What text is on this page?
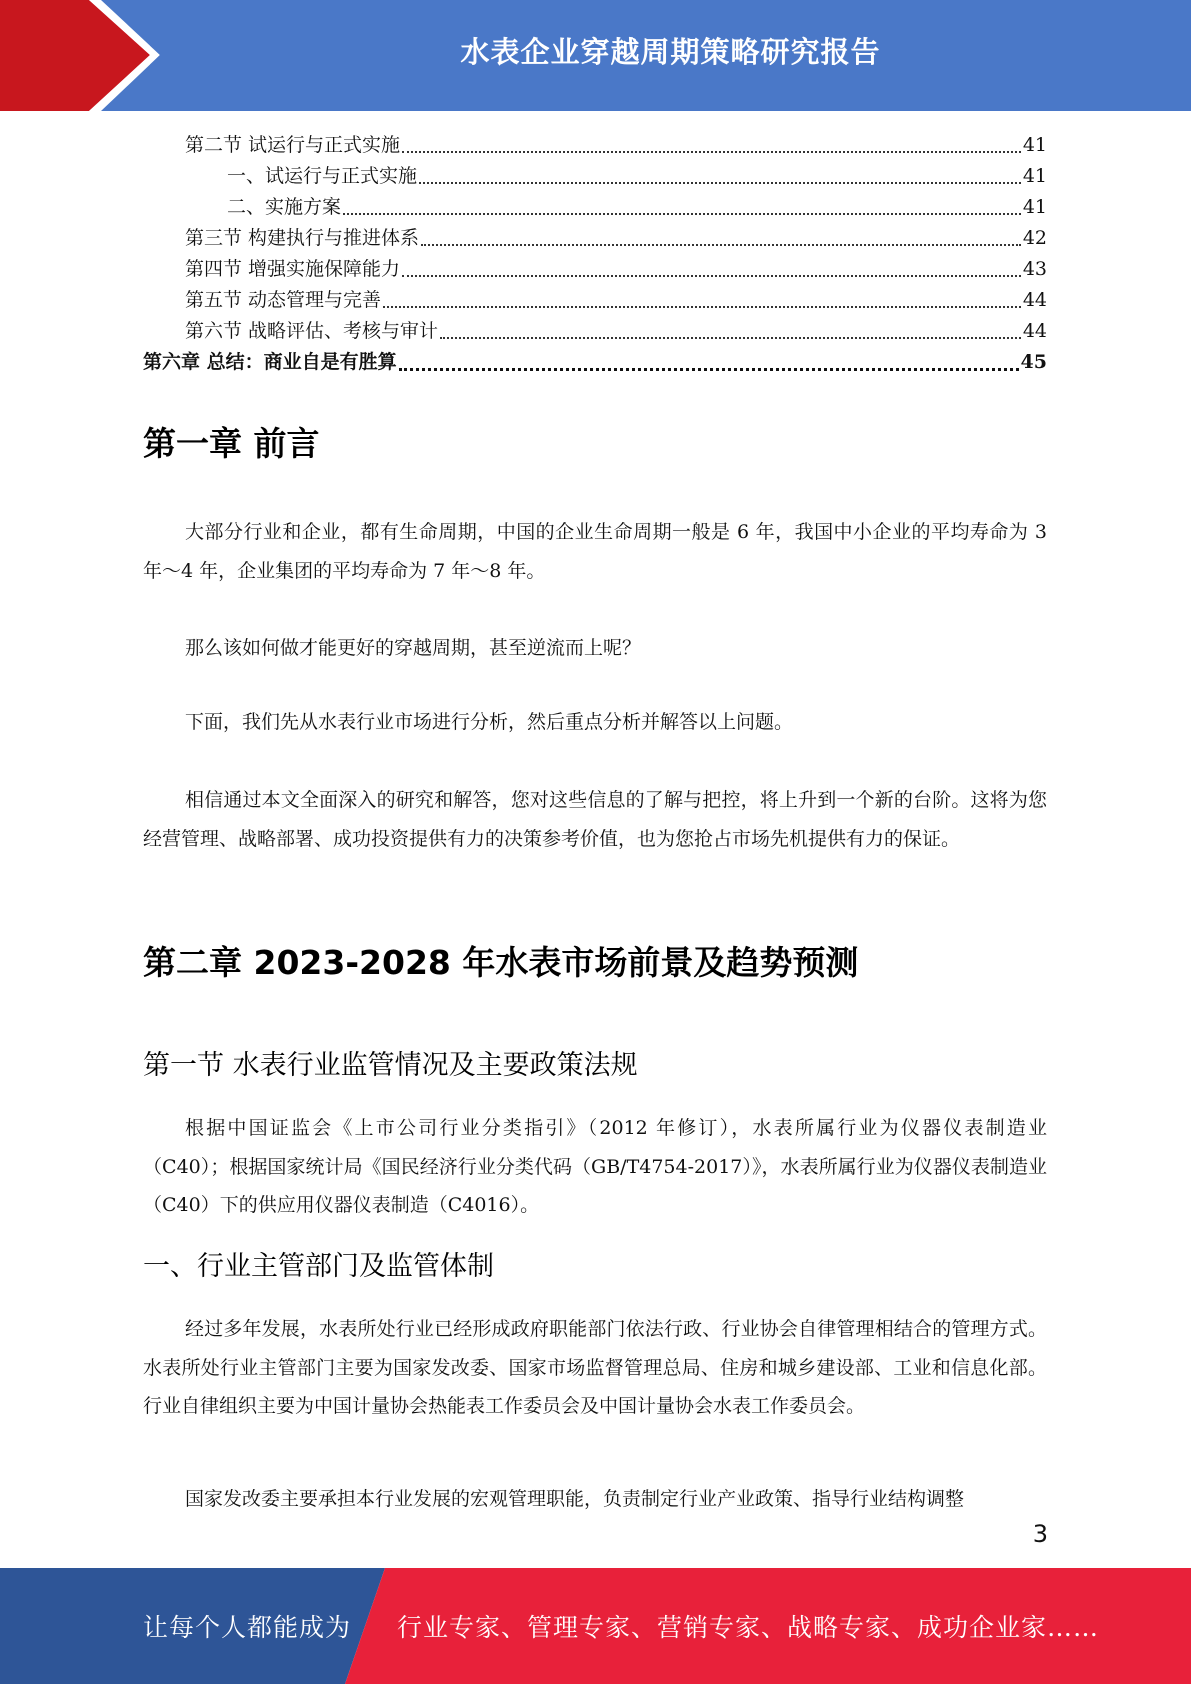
水表企业穿越周期策略研究报告
第二节 试运行与正式实施	41
一、试运行与正式实施	41
二、实施方案	41
第三节 构建执行与推进体系	42
第四节 增强实施保障能力	43
第五节 动态管理与完善	44
第六节 战略评估、考核与审计	44
第六章 总结：商业自是有胜算	45
第一章 前言
大部分行业和企业，都有生命周期，中国的企业生命周期一般是 6 年，我国中小企业的平均寿命为 3 年～4 年，企业集团的平均寿命为 7 年～8 年。
那么该如何做才能更好的穿越周期，甚至逆流而上呢？
下面，我们先从水表行业市场进行分析，然后重点分析并解答以上问题。
相信通过本文全面深入的研究和解答，您对这些信息的了解与把控，将上升到一个新的台阶。这将为您经营管理、战略部署、成功投资提供有力的决策参考价值，也为您抢占市场先机提供有力的保证。
第二章 2023-2028 年水表市场前景及趋势预测
第一节 水表行业监管情况及主要政策法规
根据中国证监会《上市公司行业分类指引》（2012 年修订），水表所属行业为仪器仪表制造业（C40）；根据国家统计局《国民经济行业分类代码（GB/T4754-2017）》，水表所属行业为仪器仪表制造业（C40）下的供应用仪器仪表制造（C4016）。
一、行业主管部门及监管体制
经过多年发展，水表所处行业已经形成政府职能部门依法行政、行业协会自律管理相结合的管理方式。水表所处行业主管部门主要为国家发改委、国家市场监督管理总局、住房和城乡建设部、工业和信息化部。行业自律组织主要为中国计量协会热能表工作委员会及中国计量协会水表工作委员会。
国家发改委主要承担本行业发展的宏观管理职能，负责制定行业产业政策、指导行业结构调整
3
让每个人都能成为 行业专家、管理专家、营销专家、战略专家、成功企业家……
